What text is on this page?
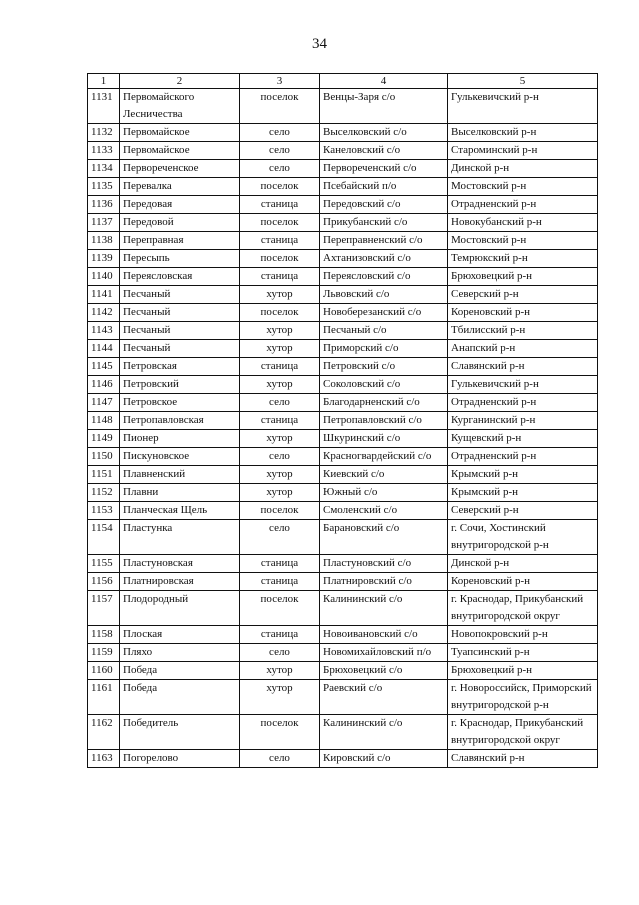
34
1	2	3	4	5
1131	Первомайского Лесничества	поселок	Венцы-Заря с/о	Гулькевичский р-н
1132	Первомайское	село	Выселковский с/о	Выселковский р-н
1133	Первомайское	село	Канеловский с/о	Староминский р-н
1134	Первореченское	село	Первореченский с/о	Динской р-н
1135	Перевалка	поселок	Псебайский п/о	Мостовский р-н
1136	Передовая	станица	Передовский с/о	Отрадненский р-н
1137	Передовой	поселок	Прикубанский с/о	Новокубанский р-н
1138	Переправная	станица	Переправненский с/о	Мостовский р-н
1139	Пересыпь	поселок	Ахтанизовский с/о	Темрюкский р-н
1140	Переясловская	станица	Переясловский с/о	Брюховецкий р-н
1141	Песчаный	хутор	Львовский с/о	Северский р-н
1142	Песчаный	поселок	Новоберезанский с/о	Кореновский р-н
1143	Песчаный	хутор	Песчаный с/о	Тбилисский р-н
1144	Песчаный	хутор	Приморский с/о	Анапский р-н
1145	Петровская	станица	Петровский с/о	Славянский р-н
1146	Петровский	хутор	Соколовский с/о	Гулькевичский р-н
1147	Петровское	село	Благодарненский с/о	Отрадненский р-н
1148	Петропавловская	станица	Петропавловский с/о	Курганинский р-н
1149	Пионер	хутор	Шкуринский с/о	Кущевский р-н
1150	Пискуновское	село	Красногвардейский с/о	Отрадненский р-н
1151	Плавненский	хутор	Киевский с/о	Крымский р-н
1152	Плавни	хутор	Южный с/о	Крымский р-н
1153	Планческая Щель	поселок	Смоленский с/о	Северский р-н
1154	Пластунка	село	Барановский с/о	г. Сочи, Хостинский внутригородской р-н
1155	Пластуновская	станица	Пластуновский с/о	Динской р-н
1156	Платнировская	станица	Платнировский с/о	Кореновский р-н
1157	Плодородный	поселок	Калининский с/о	г. Краснодар, Прикубанский внутригородской округ
1158	Плоская	станица	Новоивановский с/о	Новопокровский р-н
1159	Пляхо	село	Новомихайловский п/о	Туапсинский р-н
1160	Победа	хутор	Брюховецкий с/о	Брюховецкий р-н
1161	Победа	хутор	Раевский с/о	г. Новороссийск, Приморский внутригородской р-н
1162	Победитель	поселок	Калининский с/о	г. Краснодар, Прикубанский внутригородской округ
1163	Погорелово	село	Кировский с/о	Славянский р-н
